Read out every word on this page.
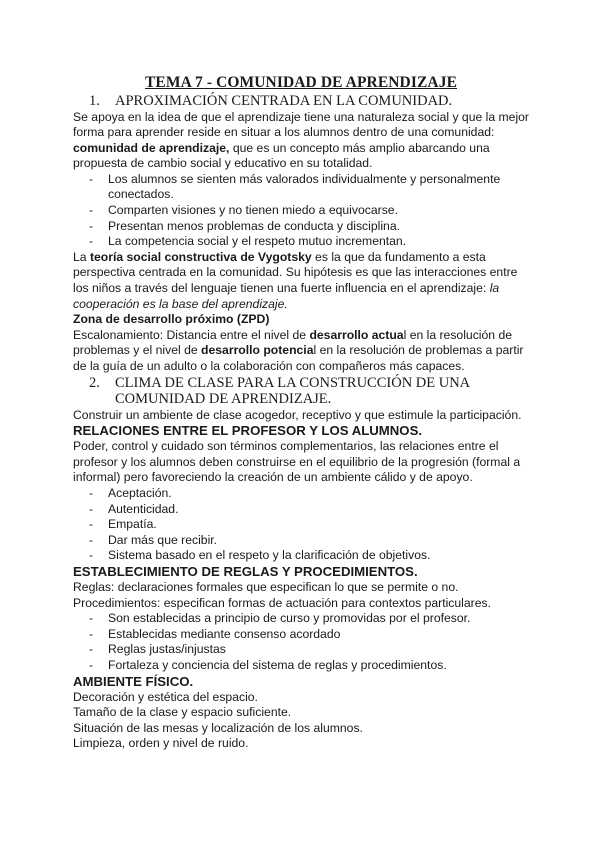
TEMA 7 - COMUNIDAD DE APRENDIZAJE
1.	APROXIMACIÓN CENTRADA EN LA COMUNIDAD.

Se apoya en la idea de que el aprendizaje tiene una naturaleza social y que la mejor forma para aprender reside en situar a los alumnos dentro de una comunidad: comunidad de aprendizaje, que es un concepto más amplio abarcando una propuesta de cambio social y educativo en su totalidad.

- Los alumnos se sienten más valorados individualmente y personalmente conectados.
- Comparten visiones y no tienen miedo a equivocarse.
- Presentan menos problemas de conducta y disciplina.
- La competencia social y el respeto mutuo incrementan.

La teoría social constructiva de Vygotsky es la que da fundamento a esta perspectiva centrada en la comunidad. Su hipótesis es que las interacciones entre los niños a través del lenguaje tienen una fuerte influencia en el aprendizaje: la cooperación es la base del aprendizaje.

Zona de desarrollo próximo (ZPD)

Escalonamiento: Distancia entre el nivel de desarrollo actual en la resolución de problemas y el nivel de desarrollo potencial en la resolución de problemas a partir de la guía de un adulto o la colaboración con compañeros más capaces.

2.	CLIMA DE CLASE PARA LA CONSTRUCCIÓN DE UNA COMUNIDAD DE APRENDIZAJE.

Construir un ambiente de clase acogedor, receptivo y que estimule la participación.

RELACIONES ENTRE EL PROFESOR Y LOS ALUMNOS.

Poder, control y cuidado son términos complementarios, las relaciones entre el profesor y los alumnos deben construirse en el equilibrio de la progresión (formal a informal) pero favoreciendo la creación de un ambiente cálido y de apoyo.

- Aceptación.
- Autenticidad.
- Empatía.
- Dar más que recibir.
- Sistema basado en el respeto y la clarificación de objetivos.
ESTABLECIMIENTO DE REGLAS Y PROCEDIMIENTOS.

Reglas: declaraciones formales que especifican lo que se permite o no.

Procedimientos: especifican formas de actuación para contextos particulares.

- Son establecidas a principio de curso y promovidas por el profesor.
- Establecidas mediante consenso acordado
- Reglas justas/injustas
- Fortaleza y conciencia del sistema de reglas y procedimientos.
AMBIENTE FÍSICO.

Decoración y estética del espacio.

Tamaño de la clase y espacio suficiente.

Situación de las mesas y localización de los alumnos.

Limpieza, orden y nivel de ruido.
